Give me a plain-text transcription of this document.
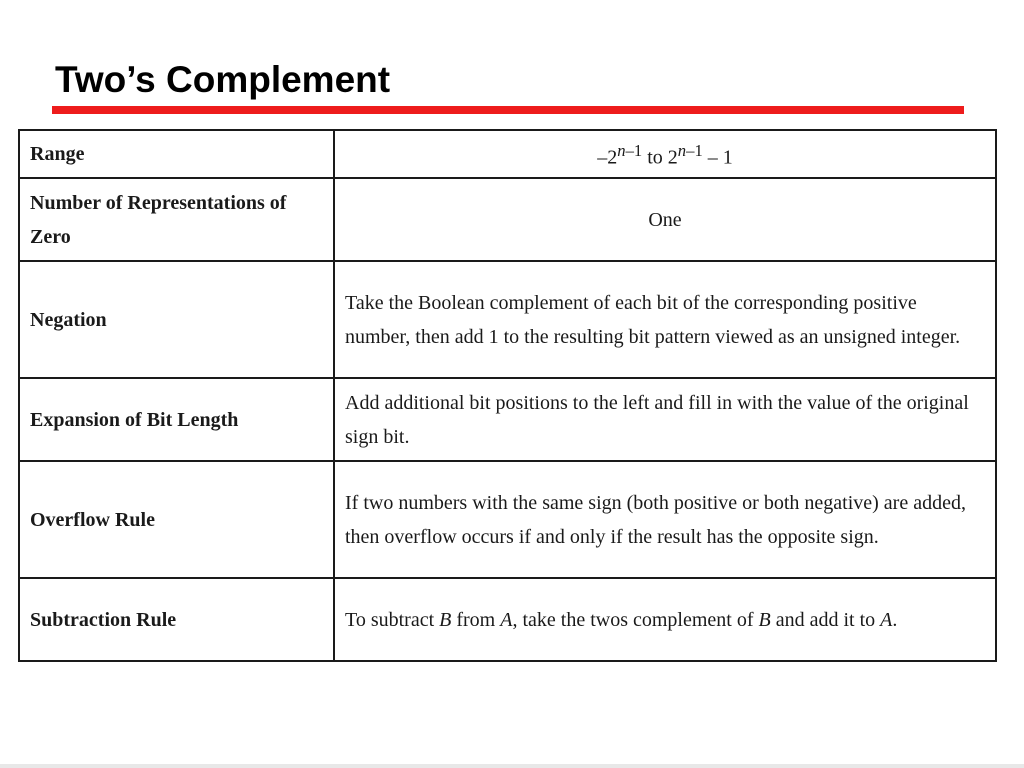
Two’s Complement
Range	–2$^{n-1}$ to 2$^{n-1}$ – 1
Number of Representations of Zero	One
Negation	Take the Boolean complement of each bit of the corresponding positive number, then add 1 to the resulting bit pattern viewed as an unsigned integer.
Expansion of Bit Length	Add additional bit positions to the left and fill in with the value of the original sign bit.
Overflow Rule	If two numbers with the same sign (both positive or both negative) are added, then overflow occurs if and only if the result has the opposite sign.
Subtraction Rule	To subtract B from A, take the twos complement of B and add it to A.
